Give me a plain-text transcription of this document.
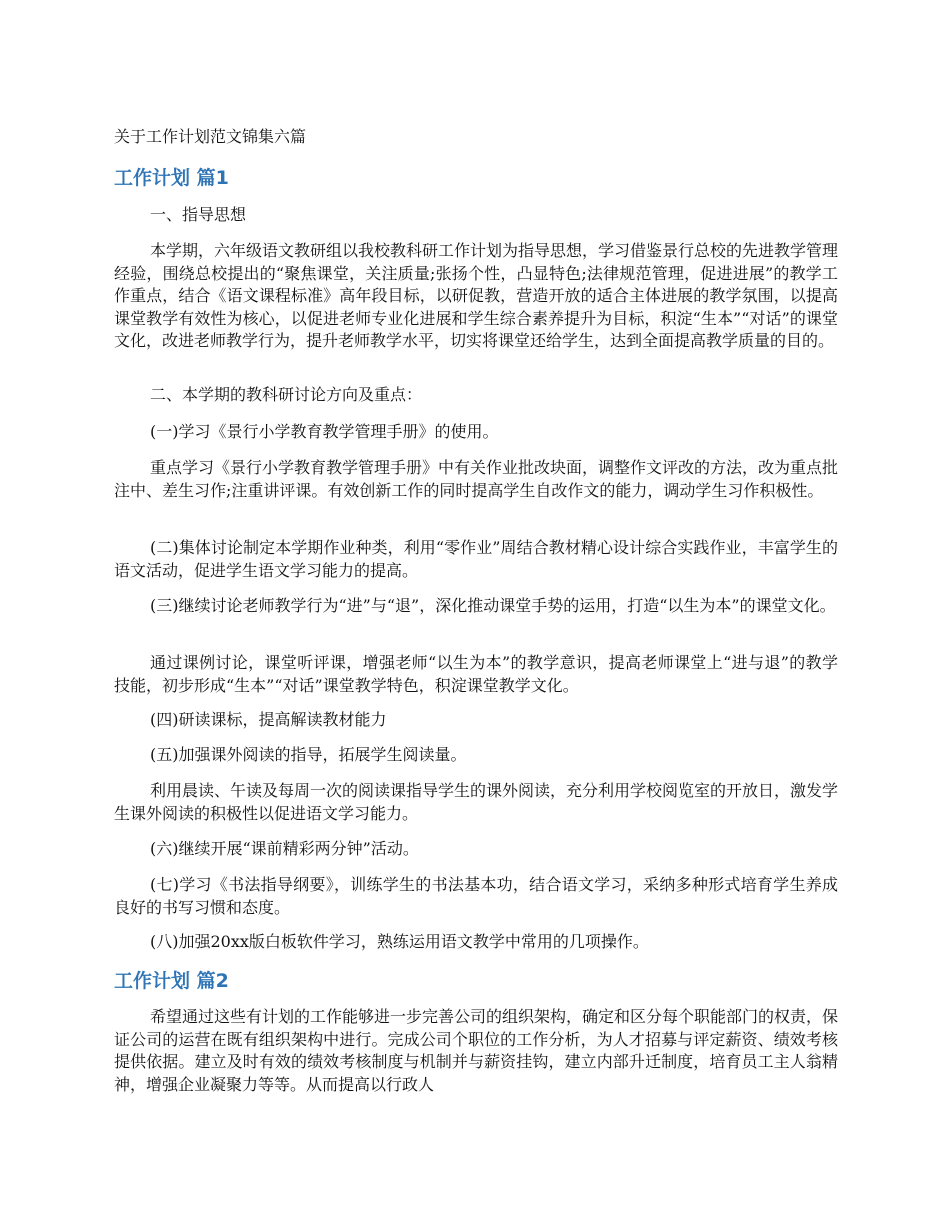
关于工作计划范文锦集六篇

工作计划 篇1

一、指导思想

本学期，六年级语文教研组以我校教科研工作计划为指导思想，学习借鉴景行总校的先进教学管理经验，围绕总校提出的“聚焦课堂，关注质量;张扬个性，凸显特色;法律规范管理，促进进展”的教学工作重点，结合《语文课程标准》高年段目标，以研促教，营造开放的适合主体进展的教学氛围，以提高课堂教学有效性为核心，以促进老师专业化进展和学生综合素养提升为目标，积淀“生本”“对话”的课堂文化，改进老师教学行为，提升老师教学水平，切实将课堂还给学生，达到全面提高教学质量的目的。

二、本学期的教科研讨论方向及重点：

(一)学习《景行小学教育教学管理手册》的使用。

重点学习《景行小学教育教学管理手册》中有关作业批改块面，调整作文评改的方法，改为重点批注中、差生习作;注重讲评课。有效创新工作的同时提高学生自改作文的能力，调动学生习作积极性。

(二)集体讨论制定本学期作业种类，利用“零作业”周结合教材精心设计综合实践作业，丰富学生的语文活动，促进学生语文学习能力的提高。

(三)继续讨论老师教学行为“进”与“退”，深化推动课堂手势的运用，打造“以生为本”的课堂文化。

通过课例讨论，课堂听评课，增强老师“以生为本”的教学意识，提高老师课堂上“进与退”的教学技能，初步形成“生本”“对话”课堂教学特色，积淀课堂教学文化。

(四)研读课标，提高解读教材能力

(五)加强课外阅读的指导，拓展学生阅读量。

利用晨读、午读及每周一次的阅读课指导学生的课外阅读，充分利用学校阅览室的开放日，激发学生课外阅读的积极性以促进语文学习能力。

(六)继续开展“课前精彩两分钟”活动。

(七)学习《书法指导纲要》，训练学生的书法基本功，结合语文学习，采纳多种形式培育学生养成良好的书写习惯和态度。

(八)加强20xx版白板软件学习，熟练运用语文教学中常用的几项操作。

工作计划 篇2

希望通过这些有计划的工作能够进一步完善公司的组织架构，确定和区分每个职能部门的权责，保证公司的运营在既有组织架构中进行。完成公司个职位的工作分析，为人才招募与评定薪资、绩效考核提供依据。建立及时有效的绩效考核制度与机制并与薪资挂钩，建立内部升迁制度，培育员工主人翁精神，增强企业凝聚力等等。从而提高以行政人
